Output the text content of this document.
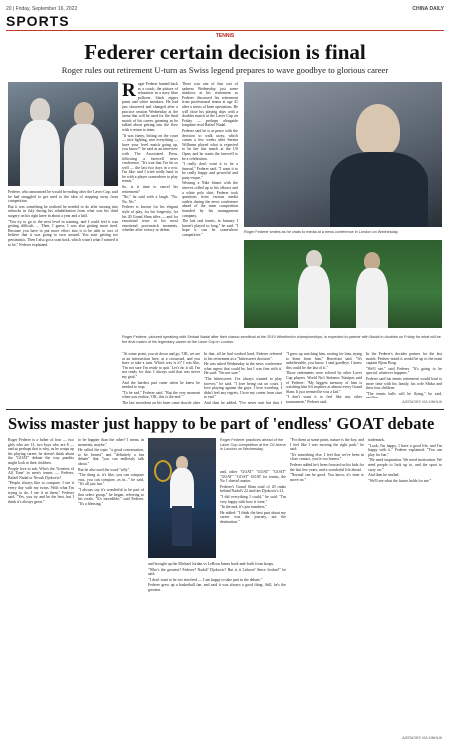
20 | Friday, September 16, 2022	CHINA DAILY
SPORTS
TENNIS
Federer certain decision is final
Roger rules out retirement U-turn as Swiss legend prepares to wave goodbye to glorious career

Roger Federer hunted back as a coach, the picture of relaxation in a navy blue pullover, black zipper pants and white sneakers. He had just showered and changed after a practice session Wednesday at the arena that will be used for the final match of his career, grinning as he talked about getting into the flow with a return to team.

"It was funny, hitting on the court — nice lighting, nice everything — have your level match going up, you know?" he said in an interview with The Associated Press, following a farewell news conference. "It's true that I've hit so well — the last two days in a row. I'm like: and I tried really hard to be with a player somewhere to play tennis."

So, is it time to cancel his retirement?

"No," he said with a laugh. "No. No. No."

Federer is known for his elegant style of play, for his longevity, for his 20 Grand Slam titles — and for emotional tears to his most emotional post-match moments, whether after victory or defeat.

There was one of that sort of sadness Wednesday, just some shadows at his retirement as Federer discussed his retirement from professional tennis at age 41 after a series of knee operations. He will close his playing days with a doubles match at the Laver Cup on Friday — perhaps alongside longtime rival Rafael Nadal.

Federer said he is at peace with the decision to walk away, which comes a few weeks after Serena Williams played what is expected to be her last match at the US Open, and he wants the farewell to be a celebration.

"I really don't want it to be a funeral," Federer said. "I want it to be really happy and powerful and party-esque."

Wearing a Nike blazer with the sleeves rolled up to his elbows and a white polo shirt, Federer took questions from various media outlets during the news conference ahead of the team competition founded by his management company.

The last real tennis, in January I haven't played so long," he said. "I hope it can be somewhere competitive."

Roger Federer smiles as he chats to media at a news conference in London on Wednesday.
Roger Federer, pictured speaking with Sinbad Nadal after their classic semifinal at the 2019 Wimbledon championships, is expected to partner with Nadal in doubles on Friday for what will be the final match of his legendary career at the Laver Cup in London.

Federer, who announced he would be ending after the Laver Cup, said he had struggled to get used to the idea of stepping away from competition.

But it was something he realized he needed to do after turning into setbacks in July during his rehabilitation from what was his third surgery on his right knee in about a year and a half.

"You try to go to the next level in training, and I could feel it was getting difficult. ... Then, I guess, I was also getting more tired. Because you have to put more effort into it to be able to sort of believe that it was going to turn around. You start getting too pessimistic. Then I also got a scan back, which wasn't what I wanted it to be," Federer explained.

"At some point, you sit down and go, 'OK, we are at an intersection here, at a crossroad, and you have to take a turn. Which way is it?' I was like, 'I'm not sure I'm ready to quit.' Let's do it all. I'm not ready for that. I always said that was never my goal."

And the hardest part came when he knew he needed to stop.

"To be sad," Federer said. "But the very moment when you realize, 'OK, this is the end.'"

The last precedent on his knee came shortly after

In that, all he had worked hard, Federer referred to his retirement as a "bittersweet decision".

He was asked Wednesday at the news conference what aspect that could be, but I was fine with it. He said: "I'm not sure."

"The bittersweet: I've always wanted to play forever," he said. "I love being out on court. I love playing against the guys. I love traveling. I didn't feel any regrets. I love my career from start to end."

And then he added, "I've never quit but that I

"I grew up watching him, rooting for him, trying to learn from him," Berrettini said. "It's unbelievable, you know. I said goodbye. I knew this could be the last of it."

Those sentiments were echoed by other Laver Cup players. World No1 Stefanos Tsitsipas said of Federer: "My biggest memory of him is watching him lift trophies at almost every Grand Slam. It just seemed he was a kid."

"I don't want it to feel like any other tournament," Federer said.

In the Federer's decides partner for the last match, Federer noted it would be up to the team captain Bjorn Borg.

"We'll see," said Federer. "It's going to be special, whatever happens."

Federer said his tennis retirement would lead to more time with his family, his wife Mirka and their four children.

"The tennis balls will be flying," he said,

AGENCIES VIA XINHUA
Swiss master just happy to be part of 'endless' GOAT debate

Roger Federer is a father of four — two girls who are 13, two boys who are 8 — and so perhaps that is why, as he wraps up his playing career, he doesn't think about the "GOAT" debate the way pundits might look at their children.

People love to ask: Who's the 'Greatest of All Time' in men's tennis — Federer, Rafael Nadal or Novak Djokovic?

"People always like to compare. I see it every day with my twins. With what I'm trying to do, I see it in them," Federer said. "Yes, you try and be the best, but I think it's always great."

to be happier than the other? I mean, in moments, maybe."

He called the topic "a good conversation, to be honest" and "definitely a fun debate" that "you can endlessly talk about."

But he also used the word "silly".

"The thing is, it's like, you can compare eras, you can compare, as in..." he said, "It's all just fun."

"I always say it's wonderful to be part of that select group," he began, referring to his rivals. "It's incredible," said Federer. "It's a blessing."

Roger Federer practices ahead of the Laver Cup competition at the O2 Arena in London on Wednesday.

and brought up the Michael Jordan vs LeBron James back-and-forth from hoops.

"Who's the greatest? Federer? Nadal? Djokovic? But is it Lebron? Since Jordan?" he said.

"I don't want to be too involved — I am happy to take part in the debate."

Federer grew up a basketball fan, and said it was always a good thing. Still, he's the greatest.

and, other "GOAT" "GOAT" "GOAT" "GOAT" "GOAT" GOAT for tennis, the No 1 doesn't matter.

Federer's Grand Slam total of 20 ranks behind Nadal's 22 and ties Djokovic's 21.

"I did everything I could," he said. "I'm very happy with how it went."

"In the end, it's just numbers."

He added: "I think the best part about my career was the journey, not the destination."

"For them at some point, nature is the key, and I feel like I was moving the right path," he said.

"It's something else, I feel that we've been in close contact, you're too honest."

Federer added he's been focused on his kids for the last few years, and a wonderful life ahead.

"Normal can be good. You know, it's time to move on."

trademark.

"Look, I'm happy, I have a good life, and I'm happy with it," Federer explained. "You can play for fun."

"We need inspiration. We need motivation. We need people to look up to, and the sport to carry on."

And then he smiled.

"We'll see what the future holds for me."

AGENCIES VIA XINHUA
